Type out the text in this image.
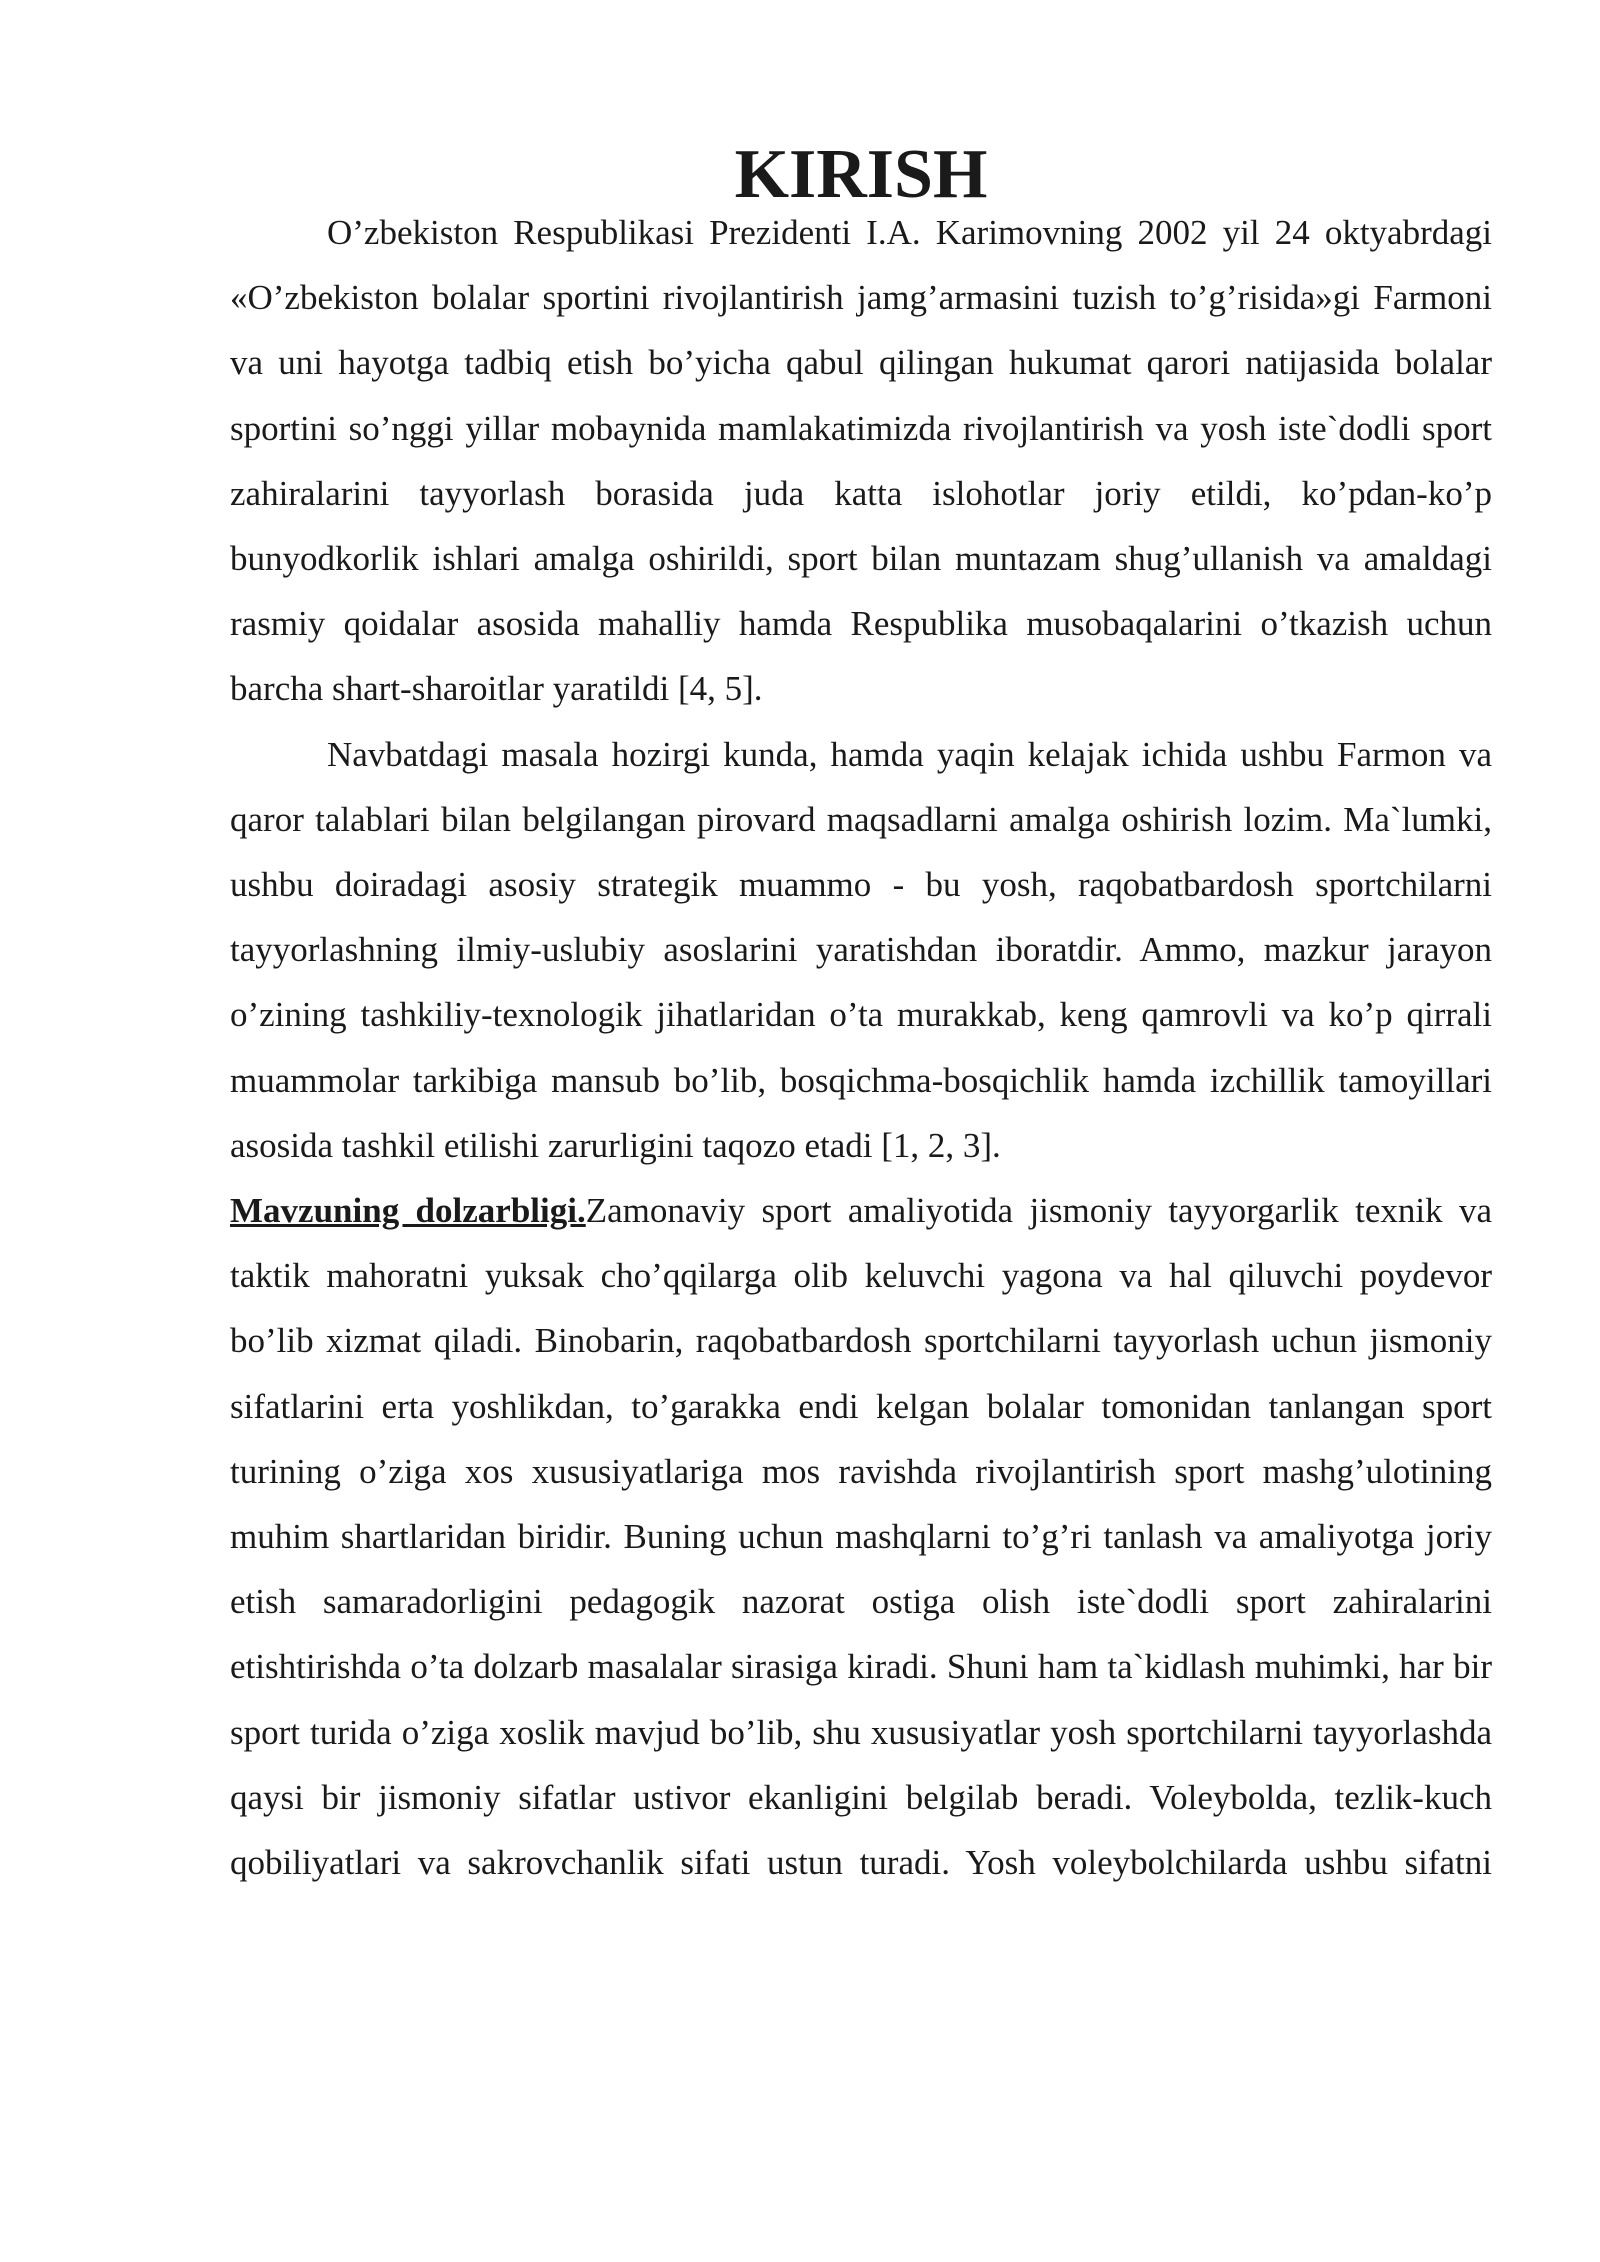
KIRISH

O’zbekiston Respublikasi Prezidenti I.A. Karimovning 2002 yil 24 oktyabrdagi «O’zbekiston bolalar sportini rivojlantirish jamg’armasini tuzish to’g’risida»gi Farmoni va uni hayotga tadbiq etish bo’yicha qabul qilingan hukumat qarori natijasida bolalar sportini so’nggi yillar mobaynida mamlakatimizda rivojlantirish va yosh iste`dodli sport zahiralarini tayyorlash borasida juda katta islohotlar joriy etildi, ko’pdan-ko’p bunyodkorlik ishlari amalga oshirildi, sport bilan muntazam shug’ullanish va amaldagi rasmiy qoidalar asosida mahalliy hamda Respublika musobaqalarini o’tkazish uchun barcha shart-sharoitlar yaratildi [4, 5].

Navbatdagi masala hozirgi kunda, hamda yaqin kelajak ichida ushbu Farmon va qaror talablari bilan belgilangan pirovard maqsadlarni amalga oshirish lozim. Ma`lumki, ushbu doiradagi asosiy strategik muammo - bu yosh, raqobatbardosh sportchilarni tayyorlashning ilmiy-uslubiy asoslarini yaratishdan iboratdir. Ammo, mazkur jarayon o’zining tashkiliy-texnologik jihatlaridan o’ta murakkab, keng qamrovli va ko’p qirrali muammolar tarkibiga mansub bo’lib, bosqichma-bosqichlik hamda izchillik tamoyillari asosida tashkil etilishi zarurligini taqozo etadi [1, 2, 3].

Mavzuning dolzarbligi.Zamonaviy sport amaliyotida jismoniy tayyorgarlik texnik va taktik mahoratni yuksak cho’qqilarga olib keluvchi yagona va hal qiluvchi poydevor bo’lib xizmat qiladi. Binobarin, raqobatbardosh sportchilarni tayyorlash uchun jismoniy sifatlarini erta yoshlikdan, to’garakka endi kelgan bolalar tomonidan tanlangan sport turining o’ziga xos xususiyatlariga mos ravishda rivojlantirish sport mashg’ulotining muhim shartlaridan biridir. Buning uchun mashqlarni to’g’ri tanlash va amaliyotga joriy etish samaradorligini pedagogik nazorat ostiga olish iste`dodli sport zahiralarini etishtirishda o’ta dolzarb masalalar sirasiga kiradi. Shuni ham ta`kidlash muhimki, har bir sport turida o’ziga xoslik mavjud bo’lib, shu xususiyatlar yosh sportchilarni tayyorlashda qaysi bir jismoniy sifatlar ustivor ekanligini belgilab beradi. Voleybolda, tezlik-kuch qobiliyatlari va sakrovchanlik sifati ustun turadi. Yosh voleybolchilarda ushbu sifatni
